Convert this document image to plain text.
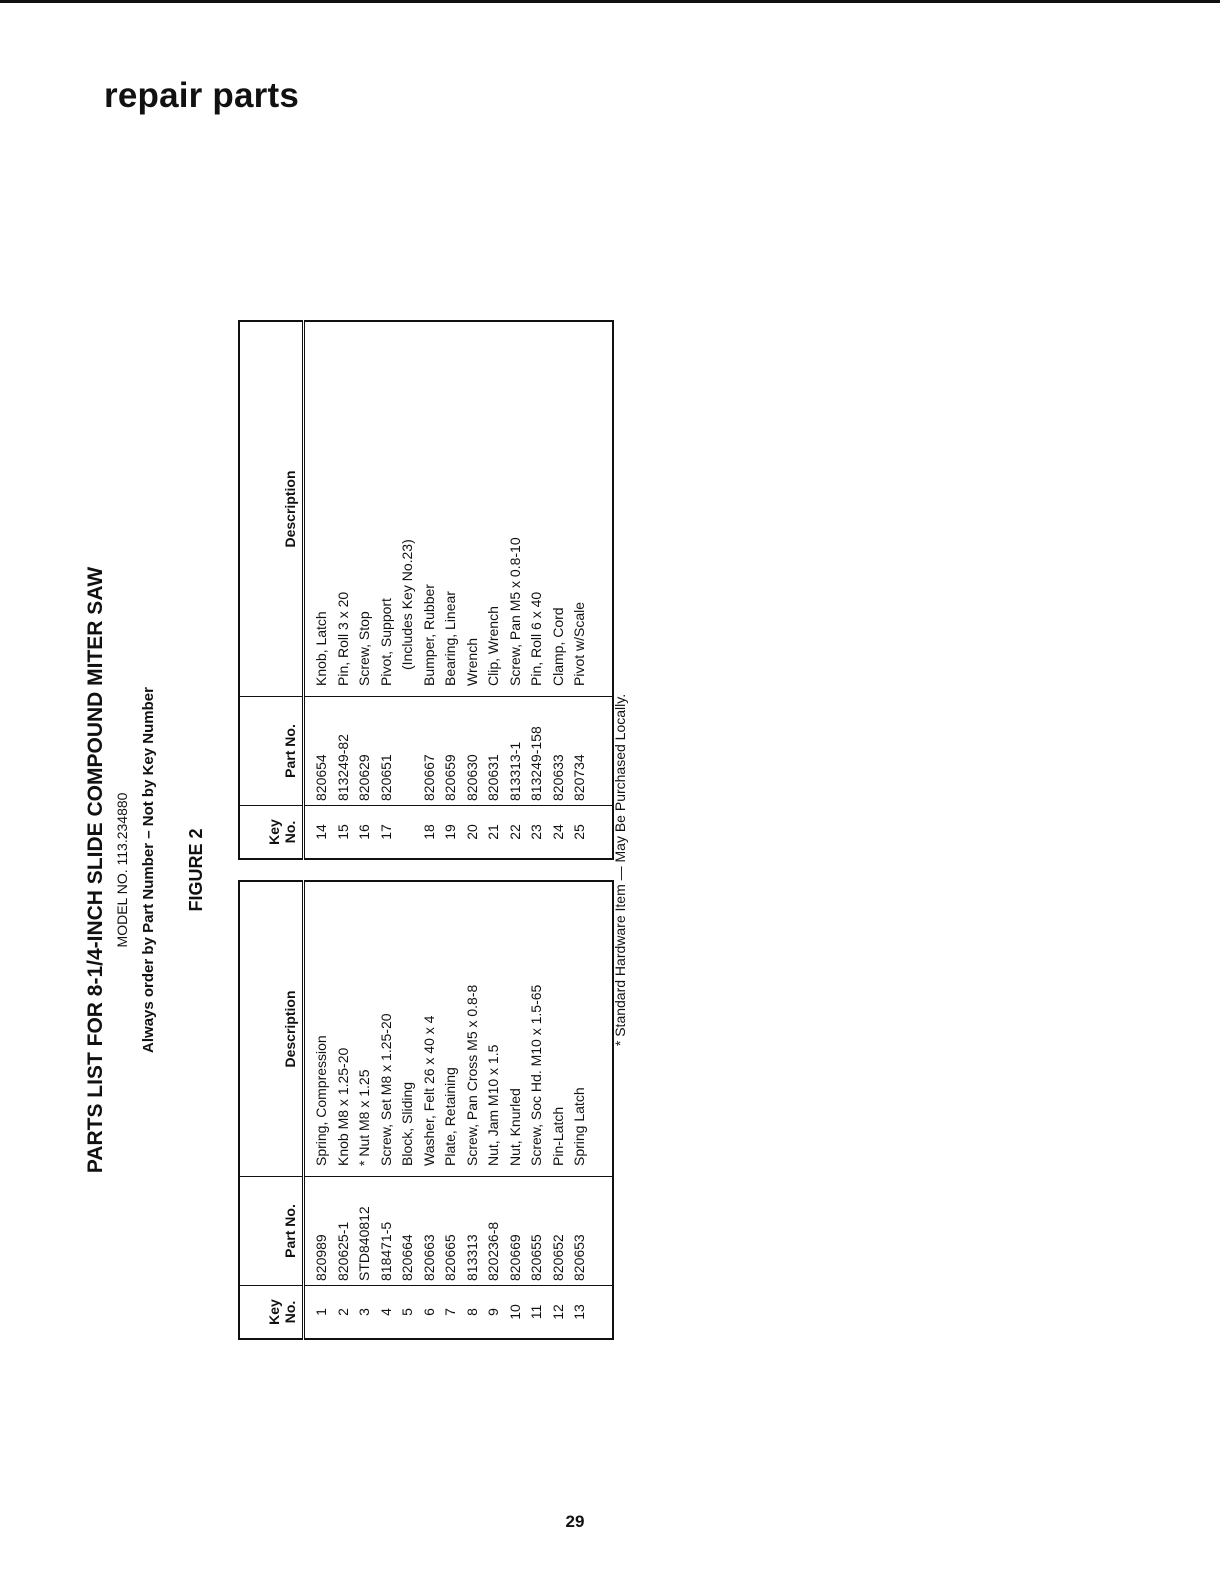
repair parts
PARTS LIST FOR 8-1/4-INCH SLIDE COMPOUND MITER SAW MODEL NO. 113.234880 Always order by Part Number – Not by Key Number FIGURE 2
Key No.	Part No.	Description
1	820989	Spring, Compression
2	820625-1	Knob M8 x 1.25-20
3	STD840812	* Nut M8 x 1.25
4	818471-5	Screw, Set M8 x 1.25-20
5	820664	Block, Sliding
6	820663	Washer, Felt 26 x 40 x 4
7	820665	Plate, Retaining
8	813313	Screw, Pan Cross M5 x 0.8-8
9	820236-8	Nut, Jam M10 x 1.5
10	820669	Nut, Knurled
11	820655	Screw, Soc Hd. M10 x 1.5-65
12	820652	Pin-Latch
13	820653	Spring Latch

Key No.	Part No.	Description
14	820654	Knob, Latch
15	813249-82	Pin, Roll 3 x 20
16	820629	Screw, Stop
17	820651	Pivot, Support
		(Includes Key No.23)
18	820667	Bumper, Rubber
19	820659	Bearing, Linear
20	820630	Wrench
21	820631	Clip, Wrench
22	813313-1	Screw, Pan M5 x 0.8-10
23	813249-158	Pin, Roll 6 x 40
24	820633	Clamp, Cord
25	820734	Pivot w/Scale

* Standard Hardware Item — May Be Purchased Locally.
29
